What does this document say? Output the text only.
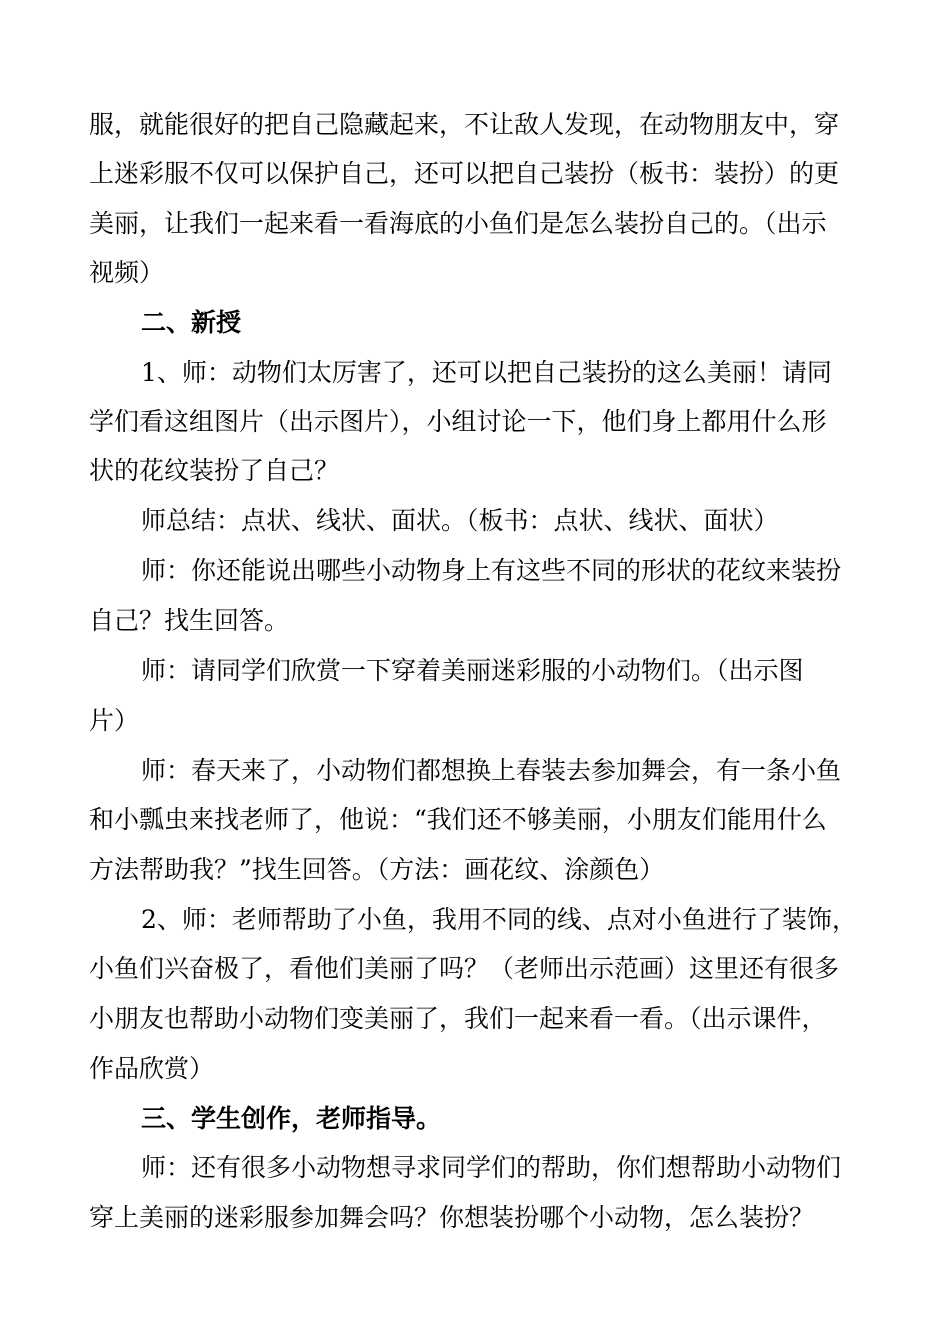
服，就能很好的把自己隐藏起来，不让敌人发现，在动物朋友中，穿
上迷彩服不仅可以保护自己，还可以把自己装扮（板书：装扮）的更
美丽，让我们一起来看一看海底的小鱼们是怎么装扮自己的。（出示
视频）
二、新授
1、师：动物们太厉害了，还可以把自己装扮的这么美丽！请同
学们看这组图片（出示图片），小组讨论一下，他们身上都用什么形
状的花纹装扮了自己？
师总结：点状、线状、面状。（板书：点状、线状、面状）
师：你还能说出哪些小动物身上有这些不同的形状的花纹来装扮
自己？找生回答。
师：请同学们欣赏一下穿着美丽迷彩服的小动物们。（出示图
片）
师：春天来了，小动物们都想换上春装去参加舞会，有一条小鱼
和小瓢虫来找老师了，他说：“我们还不够美丽，小朋友们能用什么
方法帮助我？”找生回答。（方法：画花纹、涂颜色）
2、师：老师帮助了小鱼，我用不同的线、点对小鱼进行了装饰，
小鱼们兴奋极了，看他们美丽了吗？（老师出示范画）这里还有很多
小朋友也帮助小动物们变美丽了，我们一起来看一看。（出示课件，
作品欣赏）
三、学生创作，老师指导。
师：还有很多小动物想寻求同学们的帮助，你们想帮助小动物们
穿上美丽的迷彩服参加舞会吗？你想装扮哪个小动物，怎么装扮？
